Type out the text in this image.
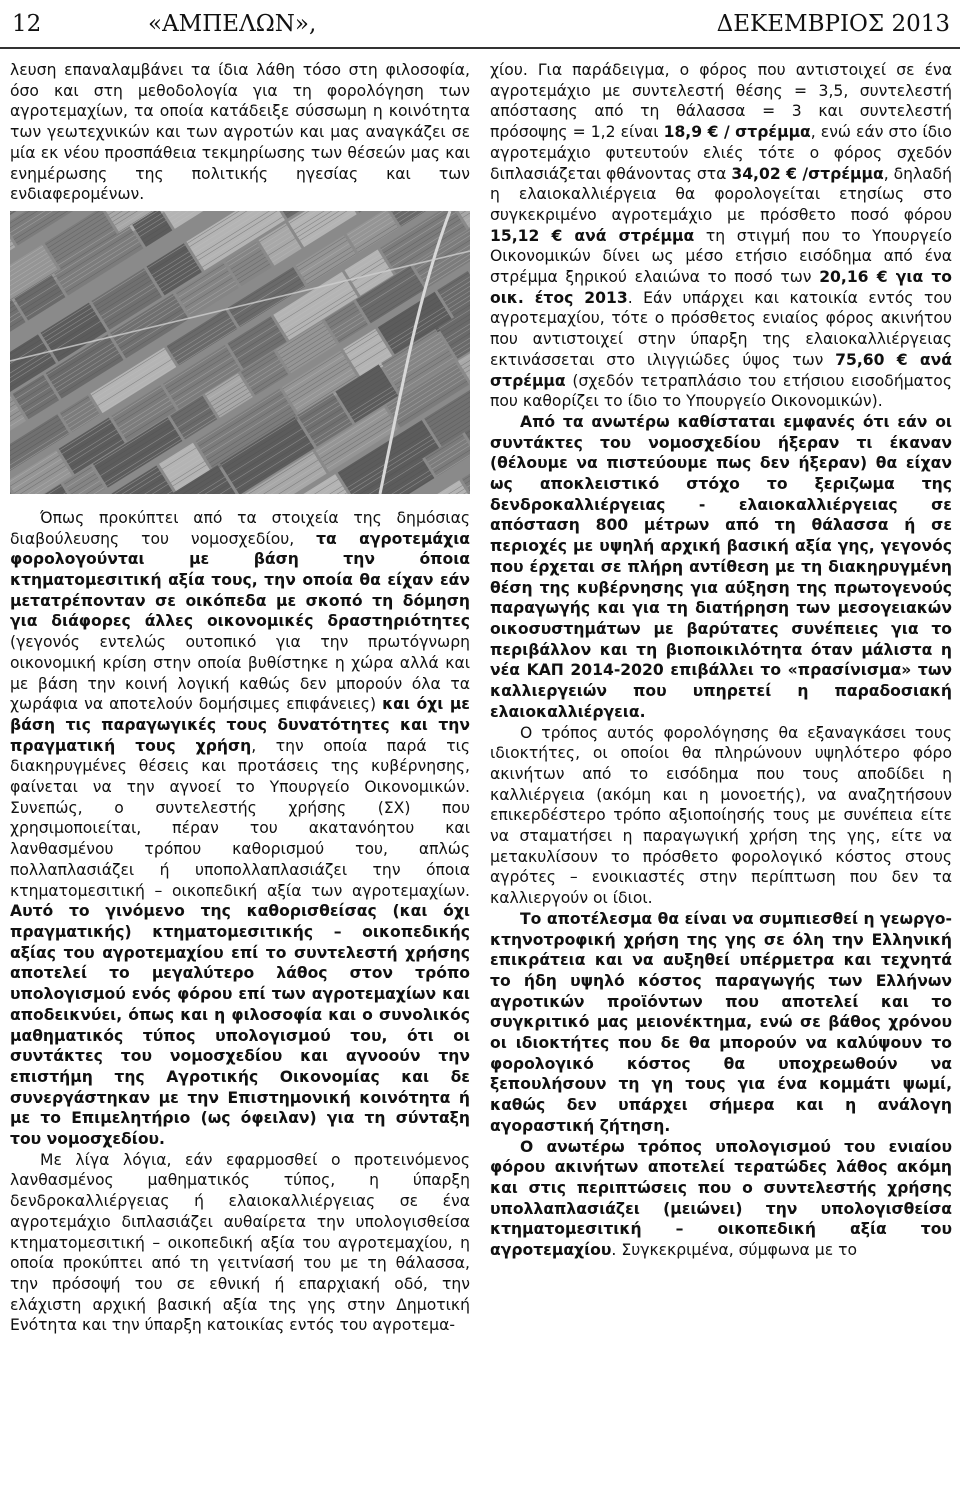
12	«ΑΜΠΕΛΩΝ»,	ΔΕΚΕΜΒΡΙΟΣ 2013

λευση επαναλαμβάνει τα ίδια λάθη τόσο στη φιλοσοφία, όσο και στη μεθοδολογία για τη φορολόγηση των αγροτεμαχίων, τα οποία κατάδειξε σύσσωμη η κοινότητα των γεωτεχνικών και των αγροτών και μας αναγκάζει σε μία εκ νέου προσπάθεια τεκμηρίωσης των θέσεών μας και ενημέρωσης της πολιτικής ηγεσίας και των ενδιαφερομένων.

Όπως προκύπτει από τα στοιχεία της δημόσιας διαβούλευσης του νομοσχεδίου, τα αγροτεμάχια φορολογούνται με βάση την όποια κτηματομεσιτική αξία τους, την οποία θα είχαν εάν μετατρέπονταν σε οικόπεδα με σκοπό τη δόμηση για διάφορες άλλες οικονομικές δραστηριότητες (γεγονός εντελώς ουτοπικό για την πρωτόγνωρη οικονομική κρίση στην οποία βυθίστηκε η χώρα αλλά και με βάση την κοινή λογική καθώς δεν μπορούν όλα τα χωράφια να αποτελούν δομήσιμες επιφάνειες) και όχι με βάση τις παραγωγικές τους δυνατότητες και την πραγματική τους χρήση, την οποία παρά τις διακηρυγμένες θέσεις και προτάσεις της κυβέρνησης, φαίνεται να την αγνοεί το Υπουργείο Οικονομικών. Συνεπώς, ο συντελεστής χρήσης (ΣΧ) που χρησιμοποιείται, πέραν του ακατανόητου και λανθασμένου τρόπου καθορισμού του, απλώς πολλαπλασιάζει ή υποπολλαπλασιάζει την όποια κτηματομεσιτική – οικοπεδική αξία των αγροτεμαχίων. Αυτό το γινόμενο της καθορισθείσας (και όχι πραγματικής) κτηματομεσιτικής – οικοπεδικής αξίας του αγροτεμαχίου επί το συντελεστή χρήσης αποτελεί το μεγαλύτερο λάθος στον τρόπο υπολογισμού ενός φόρου επί των αγροτεμαχίων και αποδεικνύει, όπως και η φιλοσοφία και ο συνολικός μαθηματικός τύπος υπολογισμού του, ότι οι συντάκτες του νομοσχεδίου και αγνοούν την επιστήμη της Αγροτικής Οικονομίας και δε συνεργάστηκαν με την Επιστημονική κοινότητα ή με το Επιμελητήριο (ως όφειλαν) για τη σύνταξη του νομοσχεδίου.

Με λίγα λόγια, εάν εφαρμοσθεί ο προτεινόμενος λανθασμένος μαθηματικός τύπος, η ύπαρξη δενδροκαλλιέργειας ή ελαιοκαλλιέργειας σε ένα αγροτεμάχιο διπλασιάζει αυθαίρετα την υπολογισθείσα κτηματομεσιτική – οικοπεδική αξία του αγροτεμαχίου, η οποία προκύπτει από τη γειτνίασή του με τη θάλασσα, την πρόσοψή του σε εθνική ή επαρχιακή οδό, την ελάχιστη αρχική βασική αξία της γης στην Δημοτική Ενότητα και την ύπαρξη κατοικίας εντός του αγροτεμα-

χίου. Για παράδειγμα, ο φόρος που αντιστοιχεί σε ένα αγροτεμάχιο με συντελεστή θέσης = 3,5, συντελεστή απόστασης από τη θάλασσα = 3 και συντελεστή πρόσοψης = 1,2 είναι 18,9 € / στρέμμα, ενώ εάν στο ίδιο αγροτεμάχιο φυτευτούν ελιές τότε ο φόρος σχεδόν διπλασιάζεται φθάνοντας στα 34,02 € /στρέμμα, δηλαδή η ελαιοκαλλιέργεια θα φορολογείται ετησίως στο συγκεκριμένο αγροτεμάχιο με πρόσθετο ποσό φόρου 15,12 € ανά στρέμμα τη στιγμή που το Υπουργείο Οικονομικών δίνει ως μέσο ετήσιο εισόδημα από ένα στρέμμα ξηρικού ελαιώνα το ποσό των 20,16 € για το οικ. έτος 2013. Εάν υπάρχει και κατοικία εντός του αγροτεμαχίου, τότε ο πρόσθετος ενιαίος φόρος ακινήτου που αντιστοιχεί στην ύπαρξη της ελαιοκαλλιέργειας εκτινάσσεται στο ιλιγγιώδες ύψος των 75,60 € ανά στρέμμα (σχεδόν τετραπλάσιο του ετήσιου εισοδήματος που καθορίζει το ίδιο το Υπουργείο Οικονομικών).

Από τα ανωτέρω καθίσταται εμφανές ότι εάν οι συντάκτες του νομοσχεδίου ήξεραν τι έκαναν (θέλουμε να πιστεύουμε πως δεν ήξεραν) θα είχαν ως αποκλειστικό στόχο το ξεριζωμα της δενδροκαλλιέργειας - ελαιοκαλλιέργειας σε απόσταση 800 μέτρων από τη θάλασσα ή σε περιοχές με υψηλή αρχική βασική αξία γης, γεγονός που έρχεται σε πλήρη αντίθεση με τη διακηρυγμένη θέση της κυβέρνησης για αύξηση της πρωτογενούς παραγωγής και για τη διατήρηση των μεσογειακών οικοσυστημάτων με βαρύτατες συνέπειες για το περιβάλλον και τη βιοποικιλότητα όταν μάλιστα η νέα ΚΑΠ 2014-2020 επιβάλλει το «πρασίνισμα» των καλλιεργειών που υπηρετεί η παραδοσιακή ελαιοκαλλιέργεια.

Ο τρόπος αυτός φορολόγησης θα εξαναγκάσει τους ιδιοκτήτες, οι οποίοι θα πληρώνουν υψηλότερο φόρο ακινήτων από το εισόδημα που τους αποδίδει η καλλιέργεια (ακόμη και η μονοετής), να αναζητήσουν επικερδέστερο τρόπο αξιοποίησής τους με συνέπεια είτε να σταματήσει η παραγωγική χρήση της γης, είτε να μετακυλίσουν το πρόσθετο φορολογικό κόστος στους αγρότες – ενοικιαστές στην περίπτωση που δεν τα καλλιεργούν οι ίδιοι.

Το αποτέλεσμα θα είναι να συμπιεσθεί η γεωργο-κτηνοτροφική χρήση της γης σε όλη την Ελληνική επικράτεια και να αυξηθεί υπέρμετρα και τεχνητά το ήδη υψηλό κόστος παραγωγής των Ελλήνων αγροτικών προϊόντων που αποτελεί και το συγκριτικό μας μειονέκτημα, ενώ σε βάθος χρόνου οι ιδιοκτήτες που δε θα μπορούν να καλύψουν το φορολογικό κόστος θα υποχρεωθούν να ξεπουλήσουν τη γη τους για ένα κομμάτι ψωμί, καθώς δεν υπάρχει σήμερα και η ανάλογη αγοραστική ζήτηση.

Ο ανωτέρω τρόπος υπολογισμού του ενιαίου φόρου ακινήτων αποτελεί τερατώδες λάθος ακόμη και στις περιπτώσεις που ο συντελεστής χρήσης υπολλαπλασιάζει (μειώνει) την υπολογισθείσα κτηματομεσιτική – οικοπεδική αξία του αγροτεμαχίου. Συγκεκριμένα, σύμφωνα με το
